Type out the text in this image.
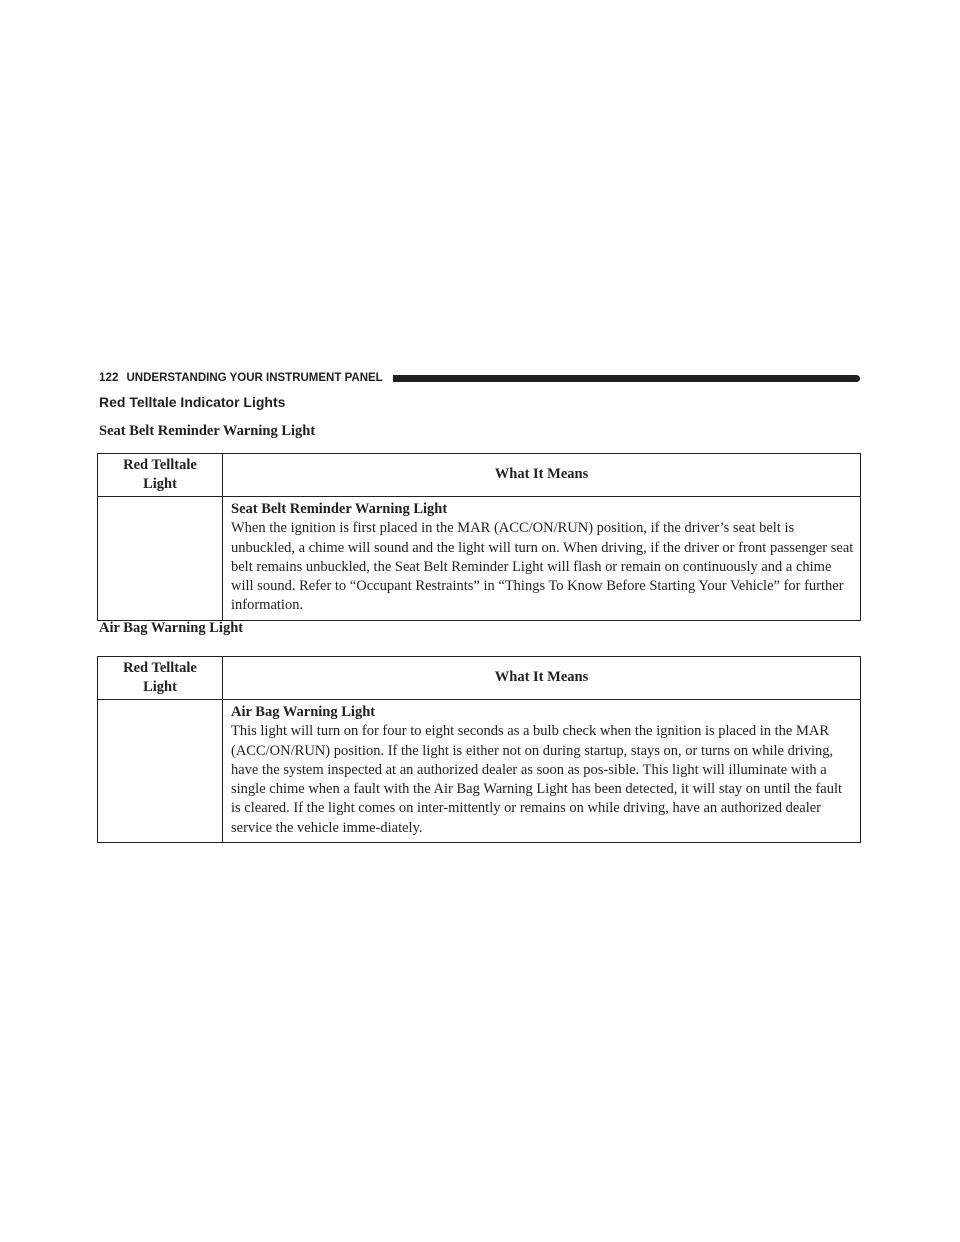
122 UNDERSTANDING YOUR INSTRUMENT PANEL
Red Telltale Indicator Lights
Seat Belt Reminder Warning Light
Red Telltale Light	What It Means

	Seat Belt Reminder Warning Light
When the ignition is first placed in the MAR (ACC/ON/RUN) position, if the driver’s seat belt is unbuckled, a chime will sound and the light will turn on. When driving, if the driver or front passenger seat belt remains unbuckled, the Seat Belt Reminder Light will flash or remain on continuously and a chime will sound. Refer to “Occupant Restraints” in “Things To Know Before Starting Your Vehicle” for further information.
Air Bag Warning Light
Red Telltale Light	What It Means

	Air Bag Warning Light
This light will turn on for four to eight seconds as a bulb check when the ignition is placed in the MAR (ACC/ON/RUN) position. If the light is either not on during startup, stays on, or turns on while driving, have the system inspected at an authorized dealer as soon as pos-sible. This light will illuminate with a single chime when a fault with the Air Bag Warning Light has been detected, it will stay on until the fault is cleared. If the light comes on inter-mittently or remains on while driving, have an authorized dealer service the vehicle imme-diately.
